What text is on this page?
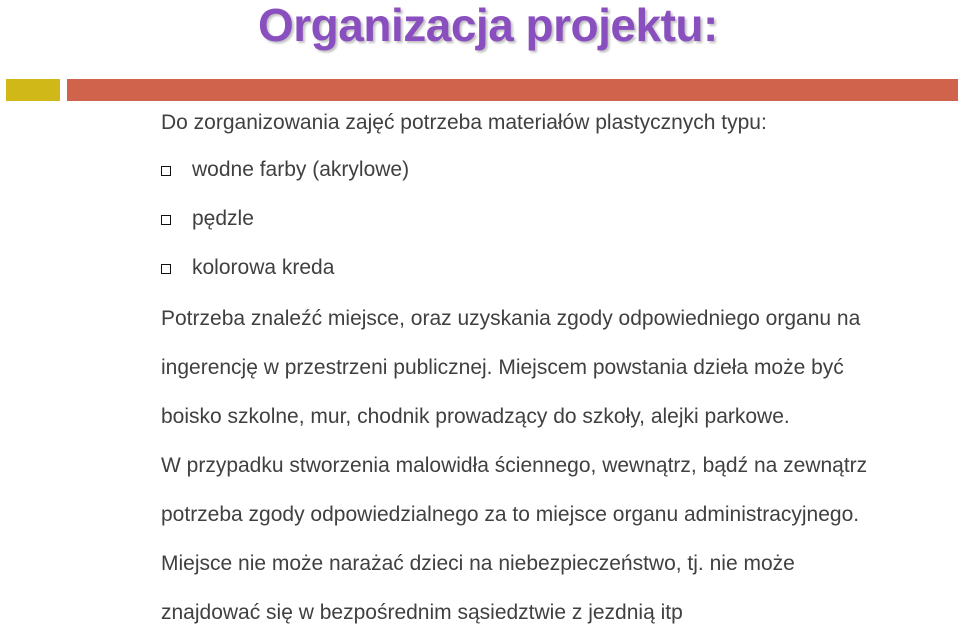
Organizacja projektu:
Do zorganizowania zajęć potrzeba materiałów plastycznych typu:
wodne farby (akrylowe)
pędzle
kolorowa kreda
Potrzeba znaleźć miejsce, oraz uzyskania zgody odpowiedniego organu na
ingerencję w przestrzeni publicznej. Miejscem powstania dzieła może być
boisko szkolne, mur, chodnik prowadzący do szkoły, alejki parkowe.
W przypadku stworzenia malowidła ściennego, wewnątrz, bądź na zewnątrz
potrzeba zgody odpowiedzialnego za to miejsce organu administracyjnego.
Miejsce nie może narażać dzieci na niebezpieczeństwo, tj. nie może
znajdować się w bezpośrednim sąsiedztwie z jezdnią itp
